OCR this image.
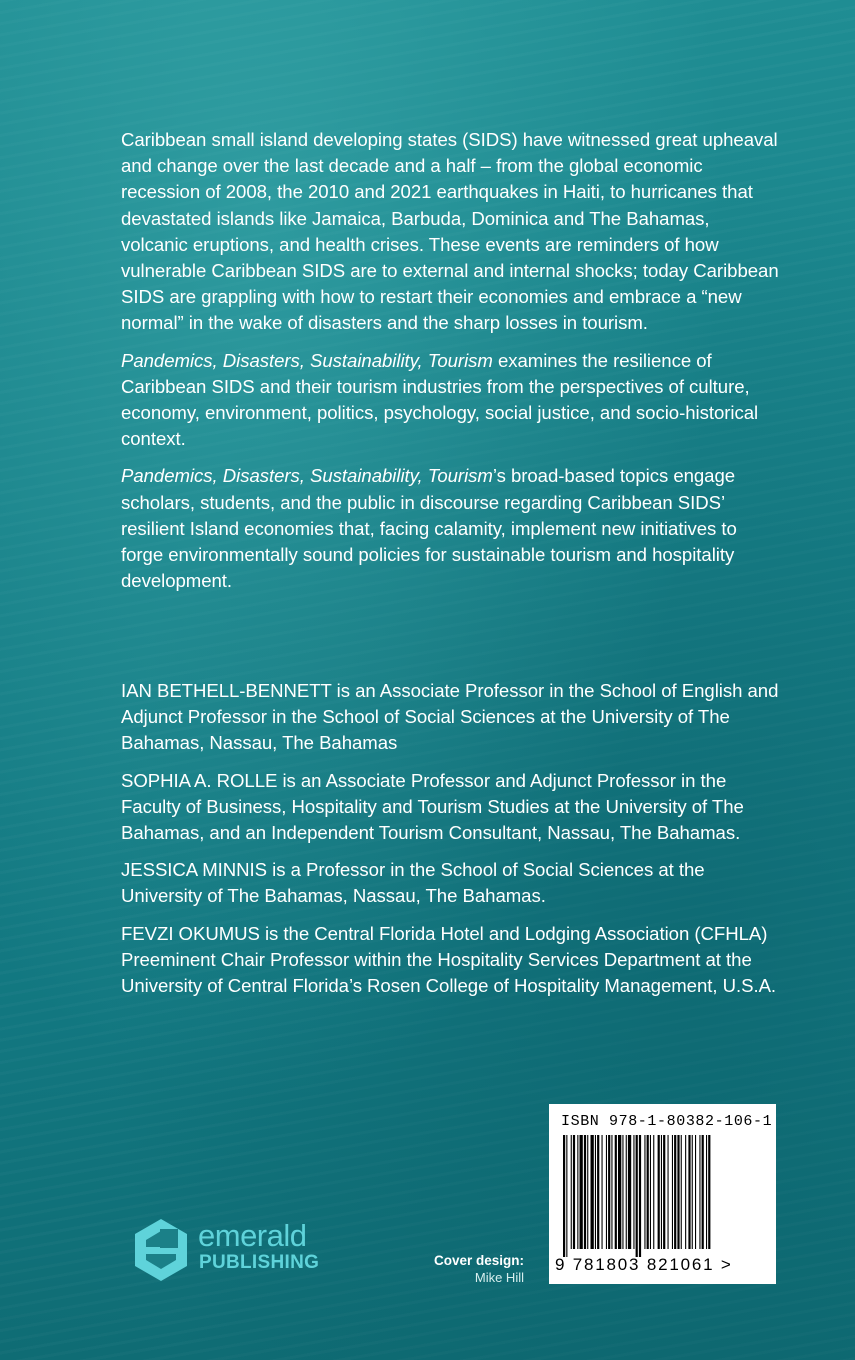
Caribbean small island developing states (SIDS) have witnessed great upheaval and change over the last decade and a half – from the global economic recession of 2008, the 2010 and 2021 earthquakes in Haiti, to hurricanes that devastated islands like Jamaica, Barbuda, Dominica and The Bahamas, volcanic eruptions, and health crises. These events are reminders of how vulnerable Caribbean SIDS are to external and internal shocks; today Caribbean SIDS are grappling with how to restart their economies and embrace a “new normal” in the wake of disasters and the sharp losses in tourism.

Pandemics, Disasters, Sustainability, Tourism examines the resilience of Caribbean SIDS and their tourism industries from the perspectives of culture, economy, environment, politics, psychology, social justice, and socio-historical context.

Pandemics, Disasters, Sustainability, Tourism’s broad-based topics engage scholars, students, and the public in discourse regarding Caribbean SIDS’ resilient Island economies that, facing calamity, implement new initiatives to forge environmentally sound policies for sustainable tourism and hospitality development.

IAN BETHELL-BENNETT is an Associate Professor in the School of English and Adjunct Professor in the School of Social Sciences at the University of The Bahamas, Nassau, The Bahamas

SOPHIA A. ROLLE is an Associate Professor and Adjunct Professor in the Faculty of Business, Hospitality and Tourism Studies at the University of The Bahamas, and an Independent Tourism Consultant, Nassau, The Bahamas.

JESSICA MINNIS is a Professor in the School of Social Sciences at the University of The Bahamas, Nassau, The Bahamas.

FEVZI OKUMUS is the Central Florida Hotel and Lodging Association (CFHLA) Preeminent Chair Professor within the Hospitality Services Department at the University of Central Florida’s Rosen College of Hospitality Management, U.S.A.

emerald
PUBLISHING	Cover design:
Mike Hill
ISBN 978-1-80382-106-1
9 781803 821061 >
